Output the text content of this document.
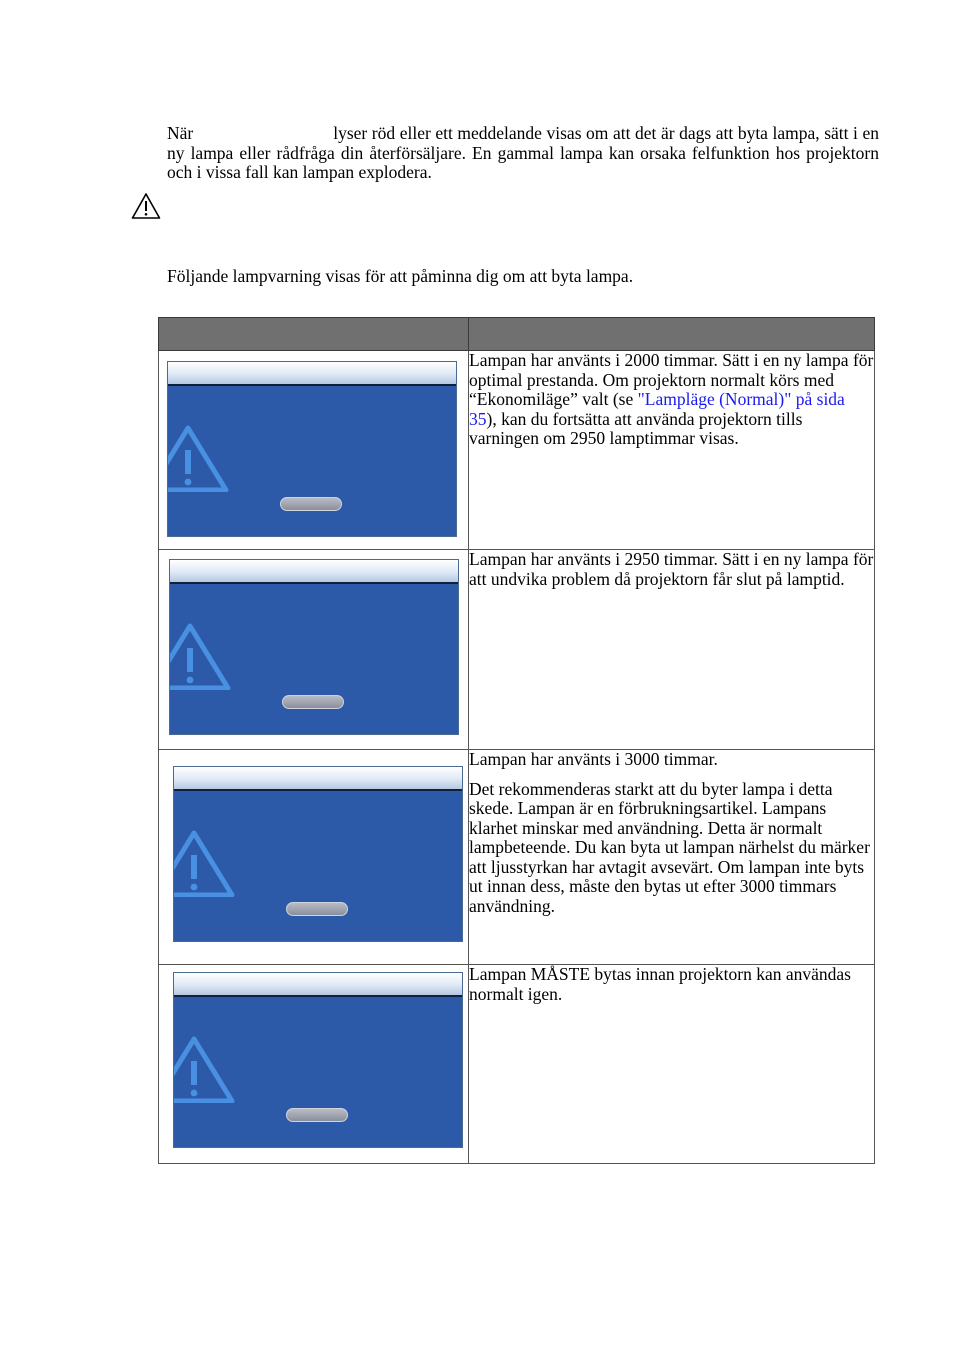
När	lyser röd eller ett meddelande visas om att det är dags att byta lampa, sätt i en ny lampa eller rådfråga din återförsäljare. En gammal lampa kan orsaka felfunktion hos projektorn och i vissa fall kan lampan explodera.
Följande lampvarning visas för att påminna dig om att byta lampa.

Lampan har använts i 2000 timmar. Sätt i en ny lampa för optimal prestanda. Om projektorn normalt körs med “Ekonomiläge” valt (se "Lampläge (Normal)" på sida 35), kan du fortsätta att använda projektorn tills varningen om 2950 lamptimmar visas.

Lampan har använts i 2950 timmar. Sätt i en ny lampa för att undvika problem då projektorn får slut på lamptid.

Lampan har använts i 3000 timmar.

Det rekommenderas starkt att du byter lampa i detta skede. Lampan är en förbrukningsartikel. Lampans klarhet minskar med användning. Detta är normalt lampbeteende. Du kan byta ut lampan närhelst du märker att ljusstyrkan har avtagit avsevärt. Om lampan inte byts ut innan dess, måste den bytas ut efter 3000 timmars användning.

Lampan MÅSTE bytas innan projektorn kan användas normalt igen.
